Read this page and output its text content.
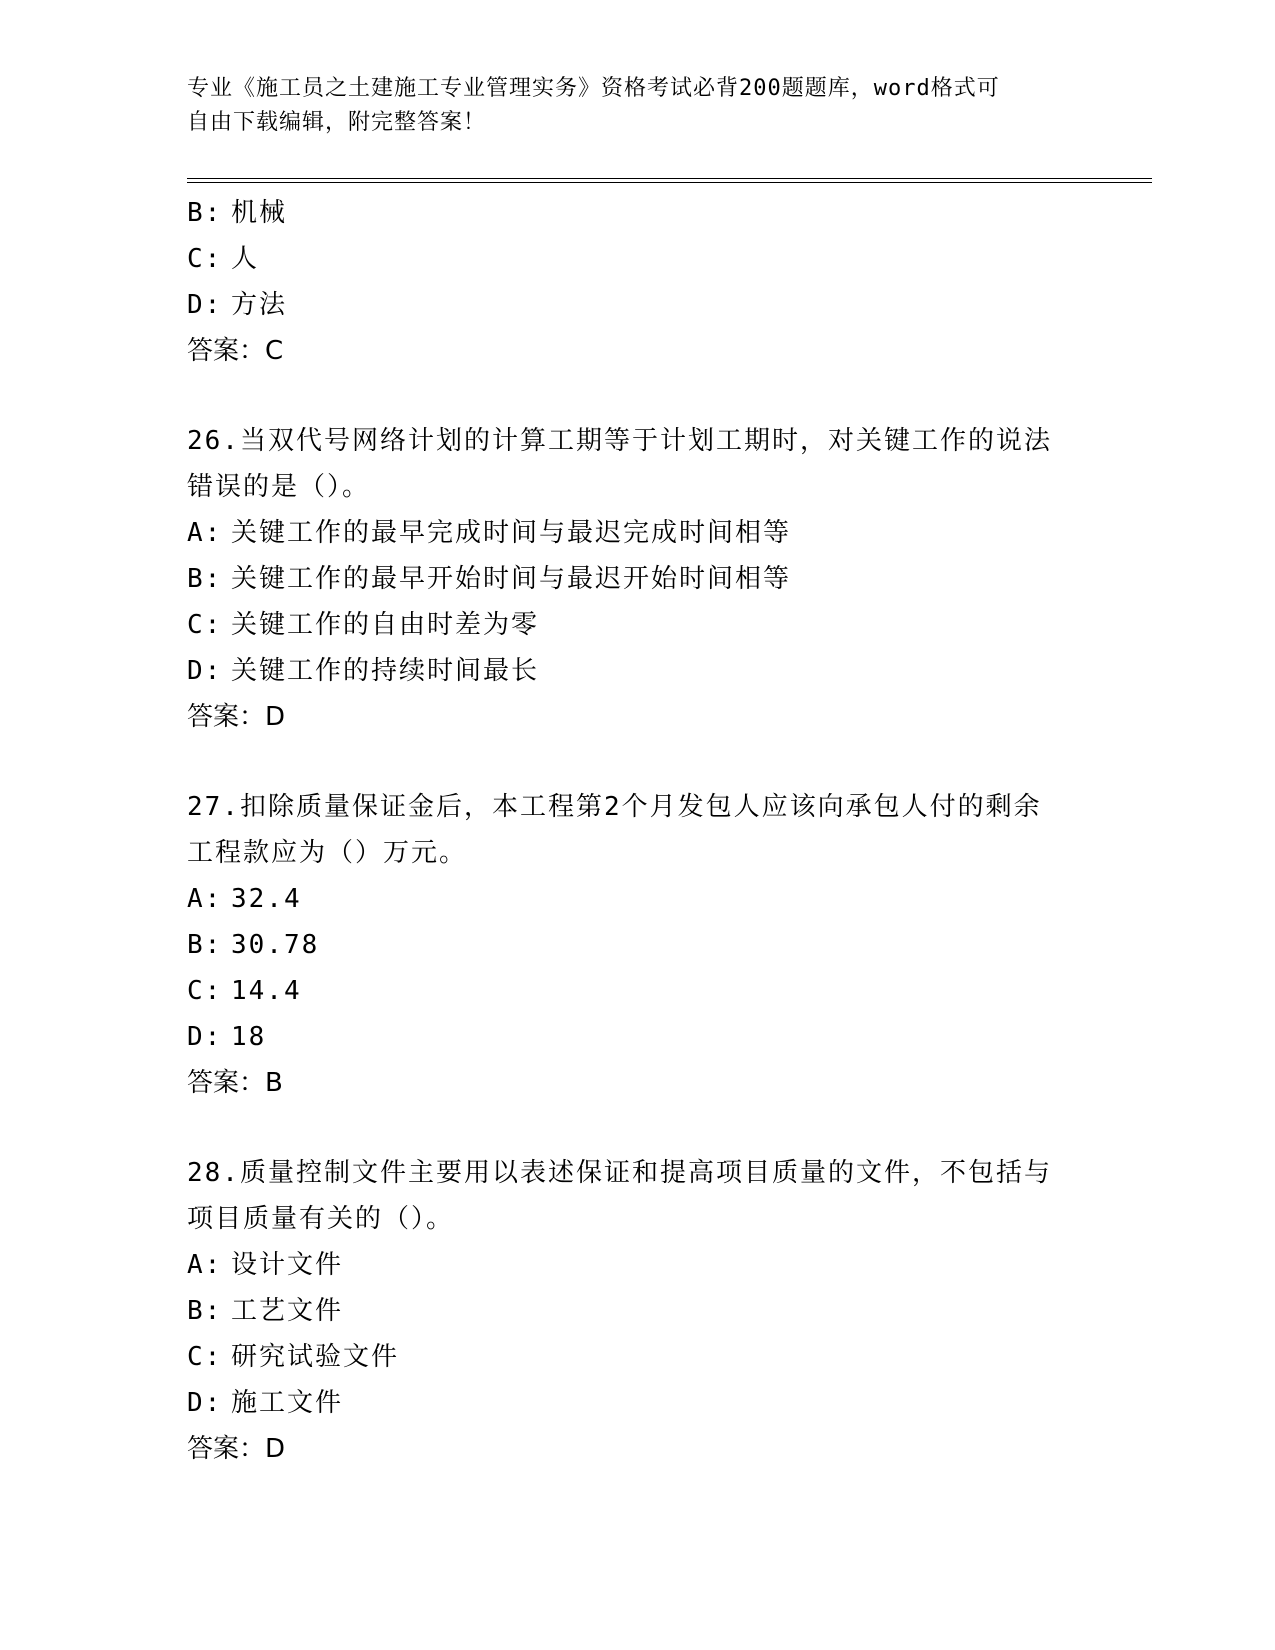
专业《施工员之土建施工专业管理实务》资格考试必背200题题库，word格式可
自由下载编辑，附完整答案！
B: 机械
C: 人
D: 方法
答案：C
26.当双代号网络计划的计算工期等于计划工期时，对关键工作的说法
错误的是（）。
A: 关键工作的最早完成时间与最迟完成时间相等
B: 关键工作的最早开始时间与最迟开始时间相等
C: 关键工作的自由时差为零
D: 关键工作的持续时间最长
答案：D
27.扣除质量保证金后，本工程第2个月发包人应该向承包人付的剩余
工程款应为（）万元。
A: 32.4
B: 30.78
C: 14.4
D: 18
答案：B
28.质量控制文件主要用以表述保证和提高项目质量的文件，不包括与
项目质量有关的（）。
A: 设计文件
B: 工艺文件
C: 研究试验文件
D: 施工文件
答案：D
